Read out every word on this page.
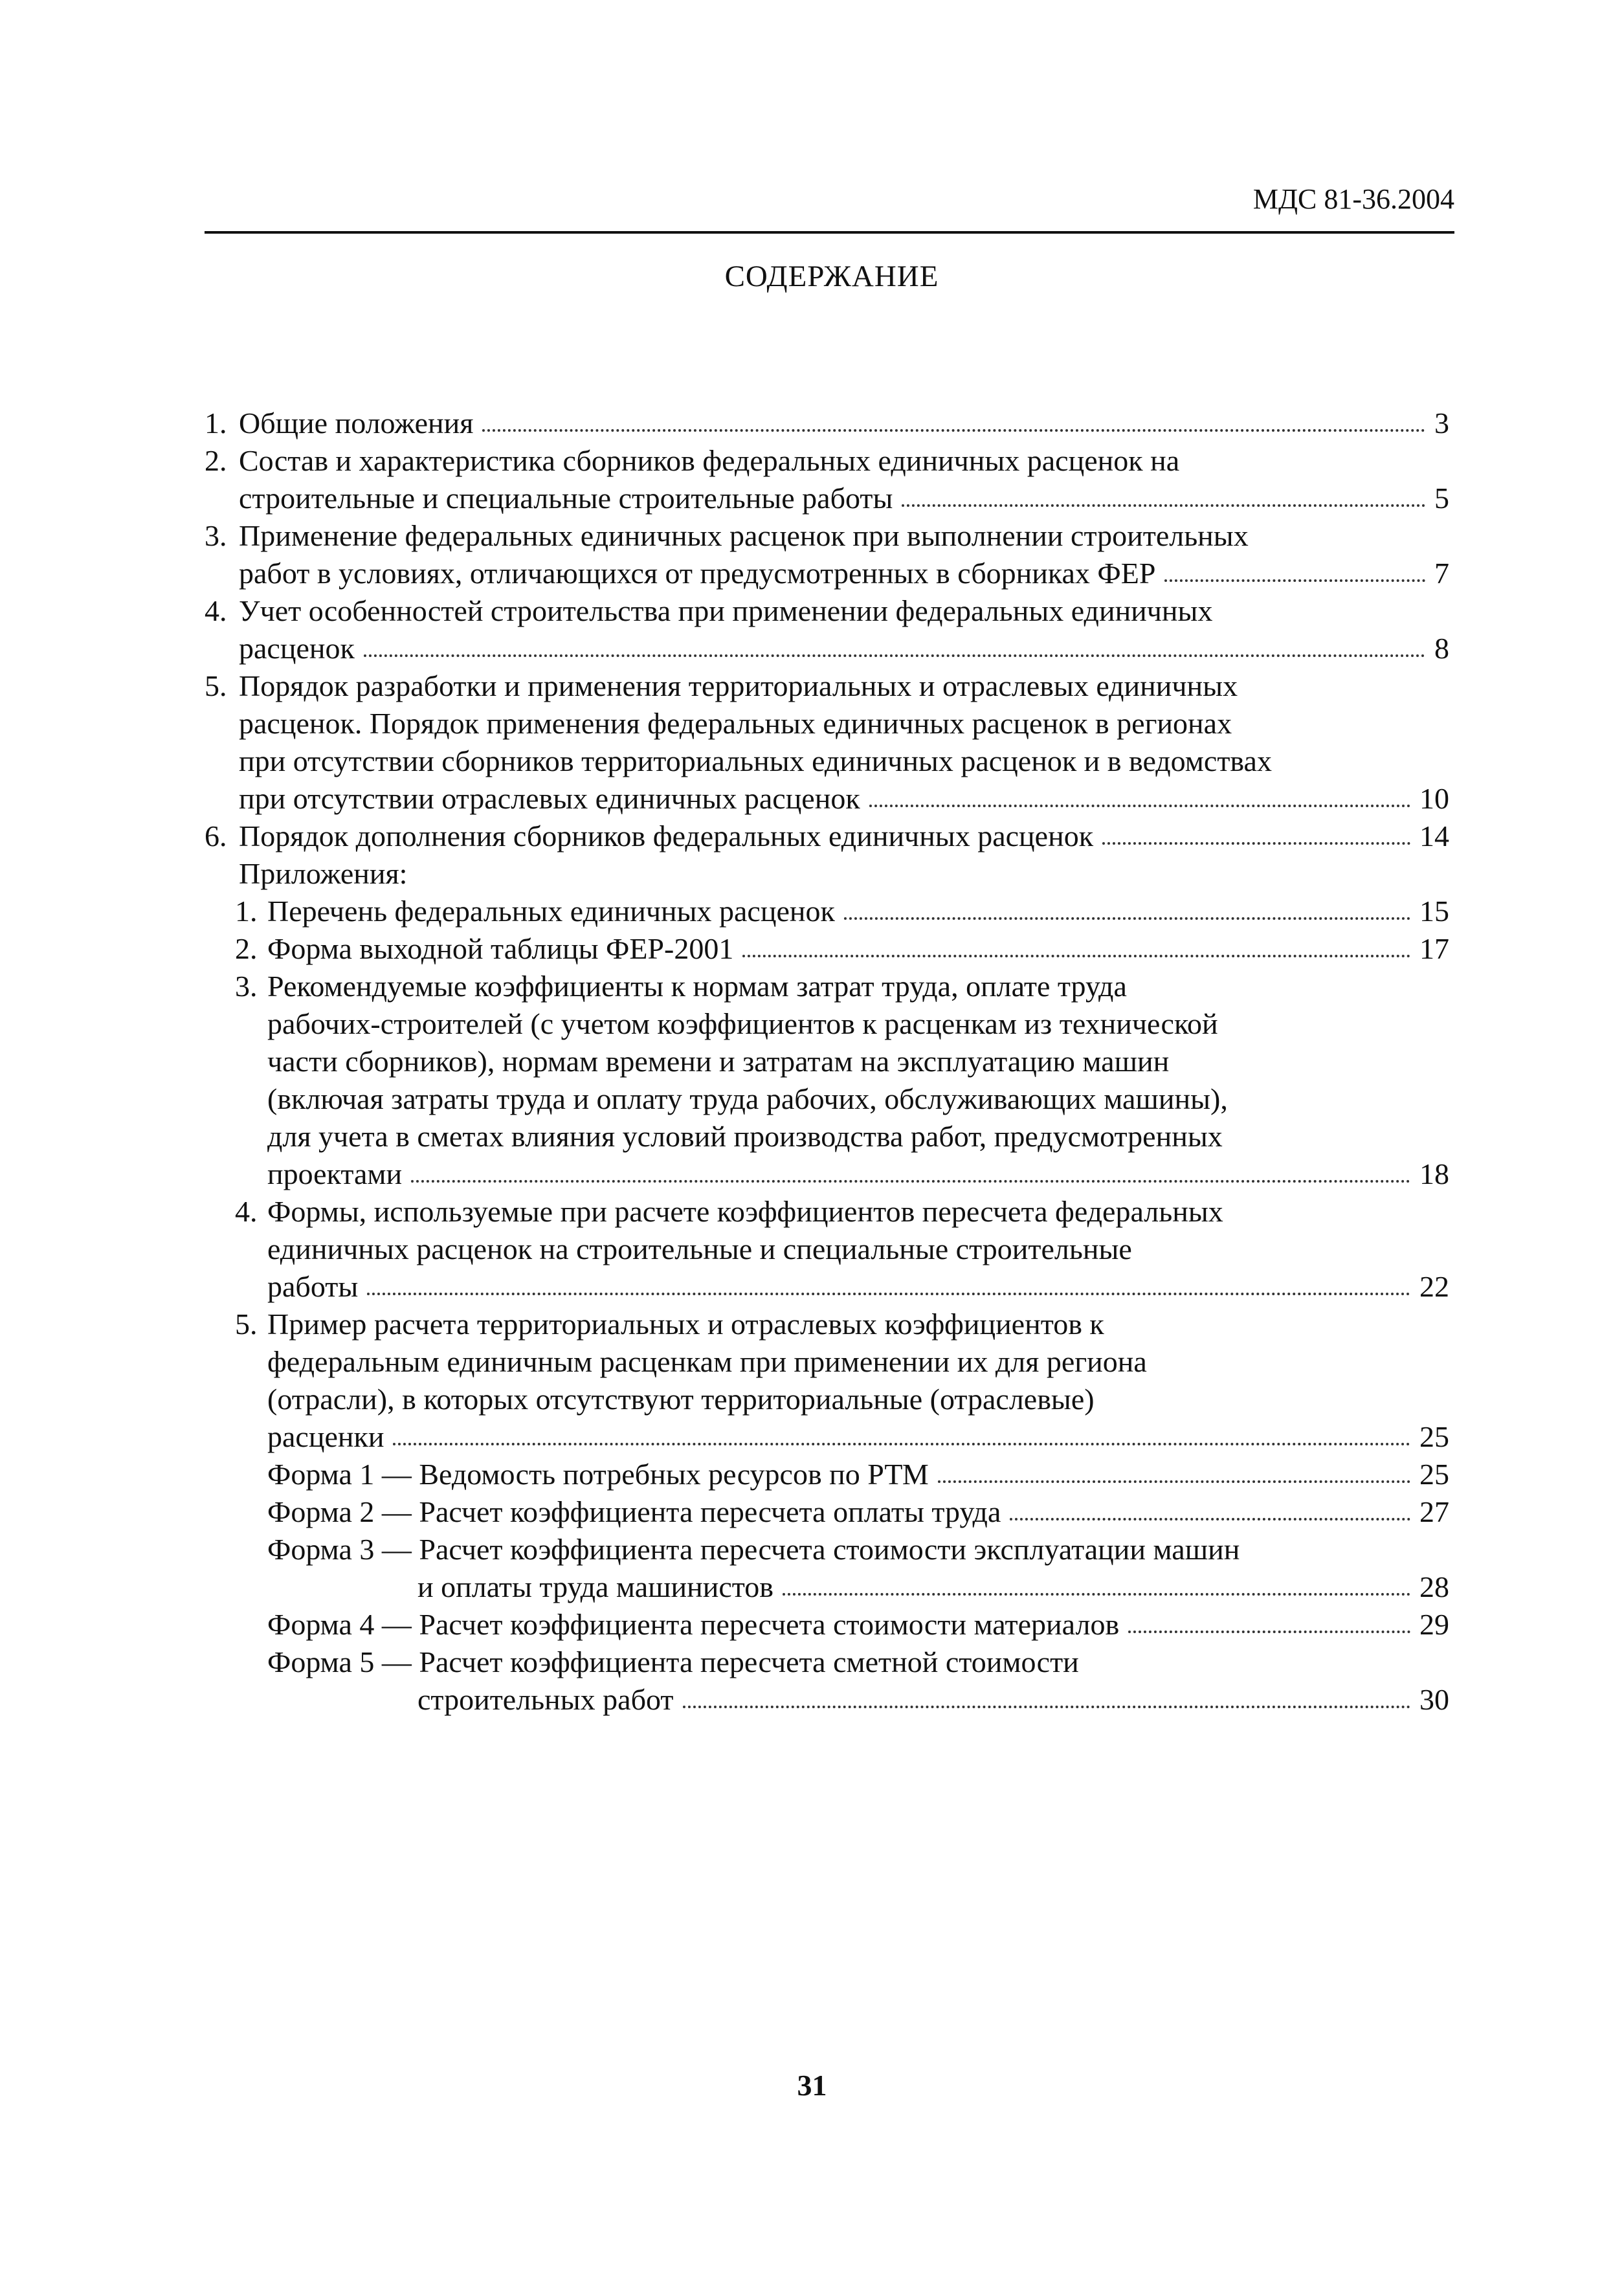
МДС 81-36.2004
СОДЕРЖАНИЕ
1. Общие положения	3
2. Состав и характеристика сборников федеральных единичных расценок на
строительные и специальные строительные работы	5
3. Применение федеральных единичных расценок при выполнении строительных
работ в условиях, отличающихся от предусмотренных в сборниках ФЕР	7
4. Учет особенностей строительства при применении федеральных единичных
расценок	8
5. Порядок разработки и применения территориальных и отраслевых единичных
расценок. Порядок применения федеральных единичных расценок в регионах
при отсутствии сборников территориальных единичных расценок и в ведомствах
при отсутствии отраслевых единичных расценок	10
6. Порядок дополнения сборников федеральных единичных расценок	14
Приложения:
1. Перечень федеральных единичных расценок	15
2. Форма выходной таблицы ФЕР-2001	17
3. Рекомендуемые коэффициенты к нормам затрат труда, оплате труда
рабочих-строителей (с учетом коэффициентов к расценкам из технической
части сборников), нормам времени и затратам на эксплуатацию машин
(включая затраты труда и оплату труда рабочих, обслуживающих машины),
для учета в сметах влияния условий производства работ, предусмотренных
проектами	18
4. Формы, используемые при расчете коэффициентов пересчета федеральных
единичных расценок на строительные и специальные строительные
работы	22
5. Пример расчета территориальных и отраслевых коэффициентов к
федеральным единичным расценкам при применении их для региона
(отрасли), в которых отсутствуют территориальные (отраслевые)
расценки	25
Форма 1 — Ведомость потребных ресурсов по РТМ	25
Форма 2 — Расчет коэффициента пересчета оплаты труда	27
Форма 3 — Расчет коэффициента пересчета стоимости эксплуатации машин
и оплаты труда машинистов	28
Форма 4 — Расчет коэффициента пересчета стоимости материалов	29
Форма 5 — Расчет коэффициента пересчета сметной стоимости
строительных работ	30
31
